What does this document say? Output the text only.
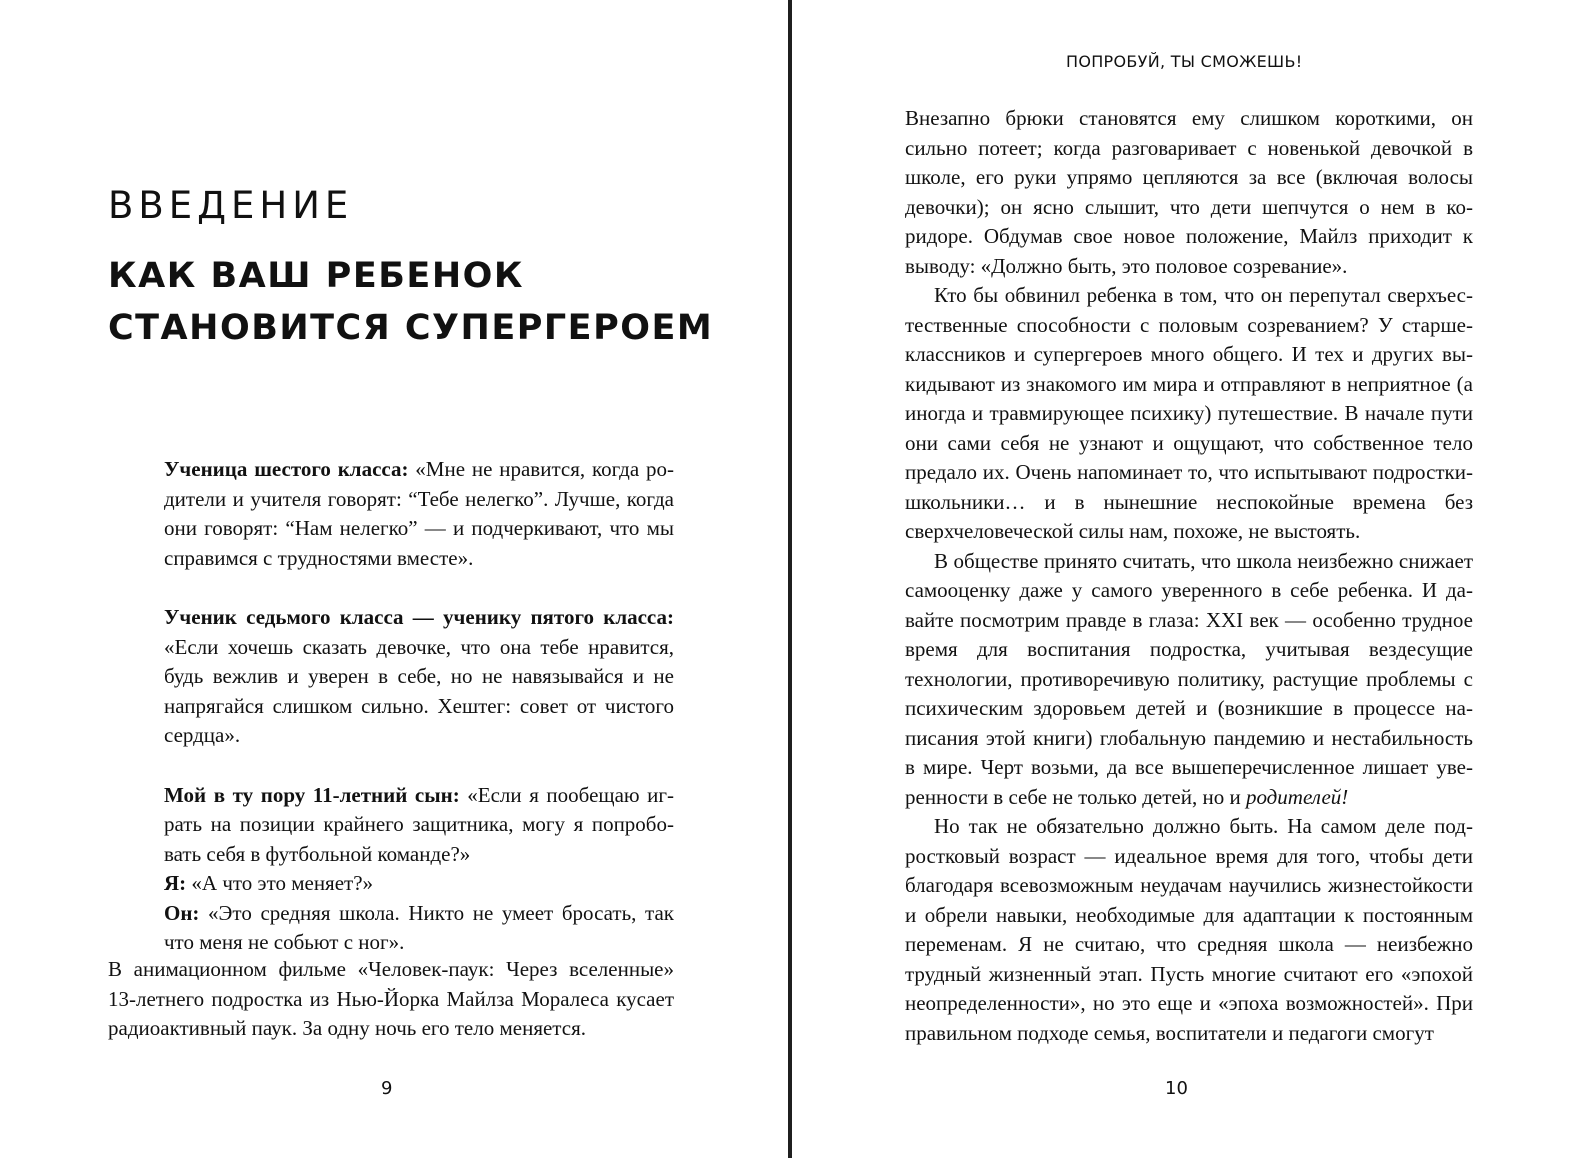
ВВЕДЕНИЕ
КАК ВАШ РЕБЕНОК
СТАНОВИТСЯ СУПЕРГЕРОЕМ

Ученица шестого класса: «Мне не нравится, когда родители и учителя говорят: “Тебе нелегко”. Лучше, когда они говорят: “Нам нелегко” — и подчеркивают, что мы справимся с трудностями вместе».

Ученик седьмого класса — ученику пятого класса: «Если хочешь сказать девочке, что она тебе нравится, будь вежлив и уверен в себе, но не навязывайся и не напрягайся слишком сильно. Хештег: совет от чистого сердца».

Мой в ту пору 11-летний сын: «Если я пообещаю играть на позиции крайнего защитника, могу я попробовать себя в футбольной команде?»

Я: «А что это меняет?»

Он: «Это средняя школа. Никто не умеет бросать, так что меня не собьют с ног».

В анимационном фильме «Человек-паук: Через вселенные» 13-летнего подростка из Нью-Йорка Майлза Моралеса кусает радиоактивный паук. За одну ночь его тело меняется.

9

ПОПРОБУЙ, ТЫ СМОЖЕШЬ!

Внезапно брюки становятся ему слишком короткими, он сильно потеет; когда разговаривает с новенькой девочкой в школе, его руки упрямо цепляются за все (включая волосы девочки); он ясно слышит, что дети шепчутся о нем в коридоре. Обдумав свое новое положение, Майлз приходит к выводу: «Должно быть, это половое созревание».

Кто бы обвинил ребенка в том, что он перепутал сверхъестественные способности с половым созреванием? У старшеклассников и супергероев много общего. И тех и других выкидывают из знакомого им мира и отправляют в неприятное (а иногда и травмирующее психику) путешествие. В начале пути они сами себя не узнают и ощущают, что собственное тело предало их. Очень напоминает то, что испытывают подростки-школьники… и в нынешние неспокойные времена без сверхчеловеческой силы нам, похоже, не выстоять.

В обществе принято считать, что школа неизбежно снижает самооценку даже у самого уверенного в себе ребенка. И давайте посмотрим правде в глаза: XXI век — особенно трудное время для воспитания подростка, учитывая вездесущие технологии, противоречивую политику, растущие проблемы с психическим здоровьем детей и (возникшие в процессе написания этой книги) глобальную пандемию и нестабильность в мире. Черт возьми, да все вышеперечисленное лишает уверенности в себе не только детей, но и родителей!

Но так не обязательно должно быть. На самом деле подростковый возраст — идеальное время для того, чтобы дети благодаря всевозможным неудачам научились жизнестойкости и обрели навыки, необходимые для адаптации к постоянным переменам. Я не считаю, что средняя школа — неизбежно трудный жизненный этап. Пусть многие считают его «эпохой неопределенности», но это еще и «эпоха возможностей». При правильном подходе семья, воспитатели и педагоги смогут

10
